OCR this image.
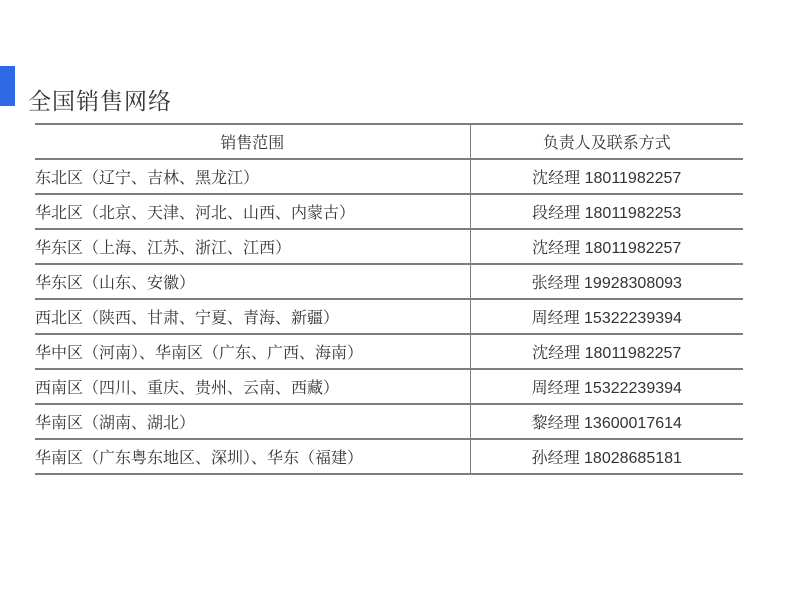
全国销售网络
销售范围	负责人及联系方式
东北区（辽宁、吉林、黑龙江）	沈经理 18011982257
华北区（北京、天津、河北、山西、内蒙古）	段经理 18011982253
华东区（上海、江苏、浙江、江西）	沈经理 18011982257
华东区（山东、安徽）	张经理 19928308093
西北区（陕西、甘肃、宁夏、青海、新疆）	周经理 15322239394
华中区（河南）、华南区（广东、广西、海南）	沈经理 18011982257
西南区（四川、重庆、贵州、云南、西藏）	周经理 15322239394
华南区（湖南、湖北）	黎经理 13600017614
华南区（广东粤东地区、深圳）、华东（福建）	孙经理 18028685181
